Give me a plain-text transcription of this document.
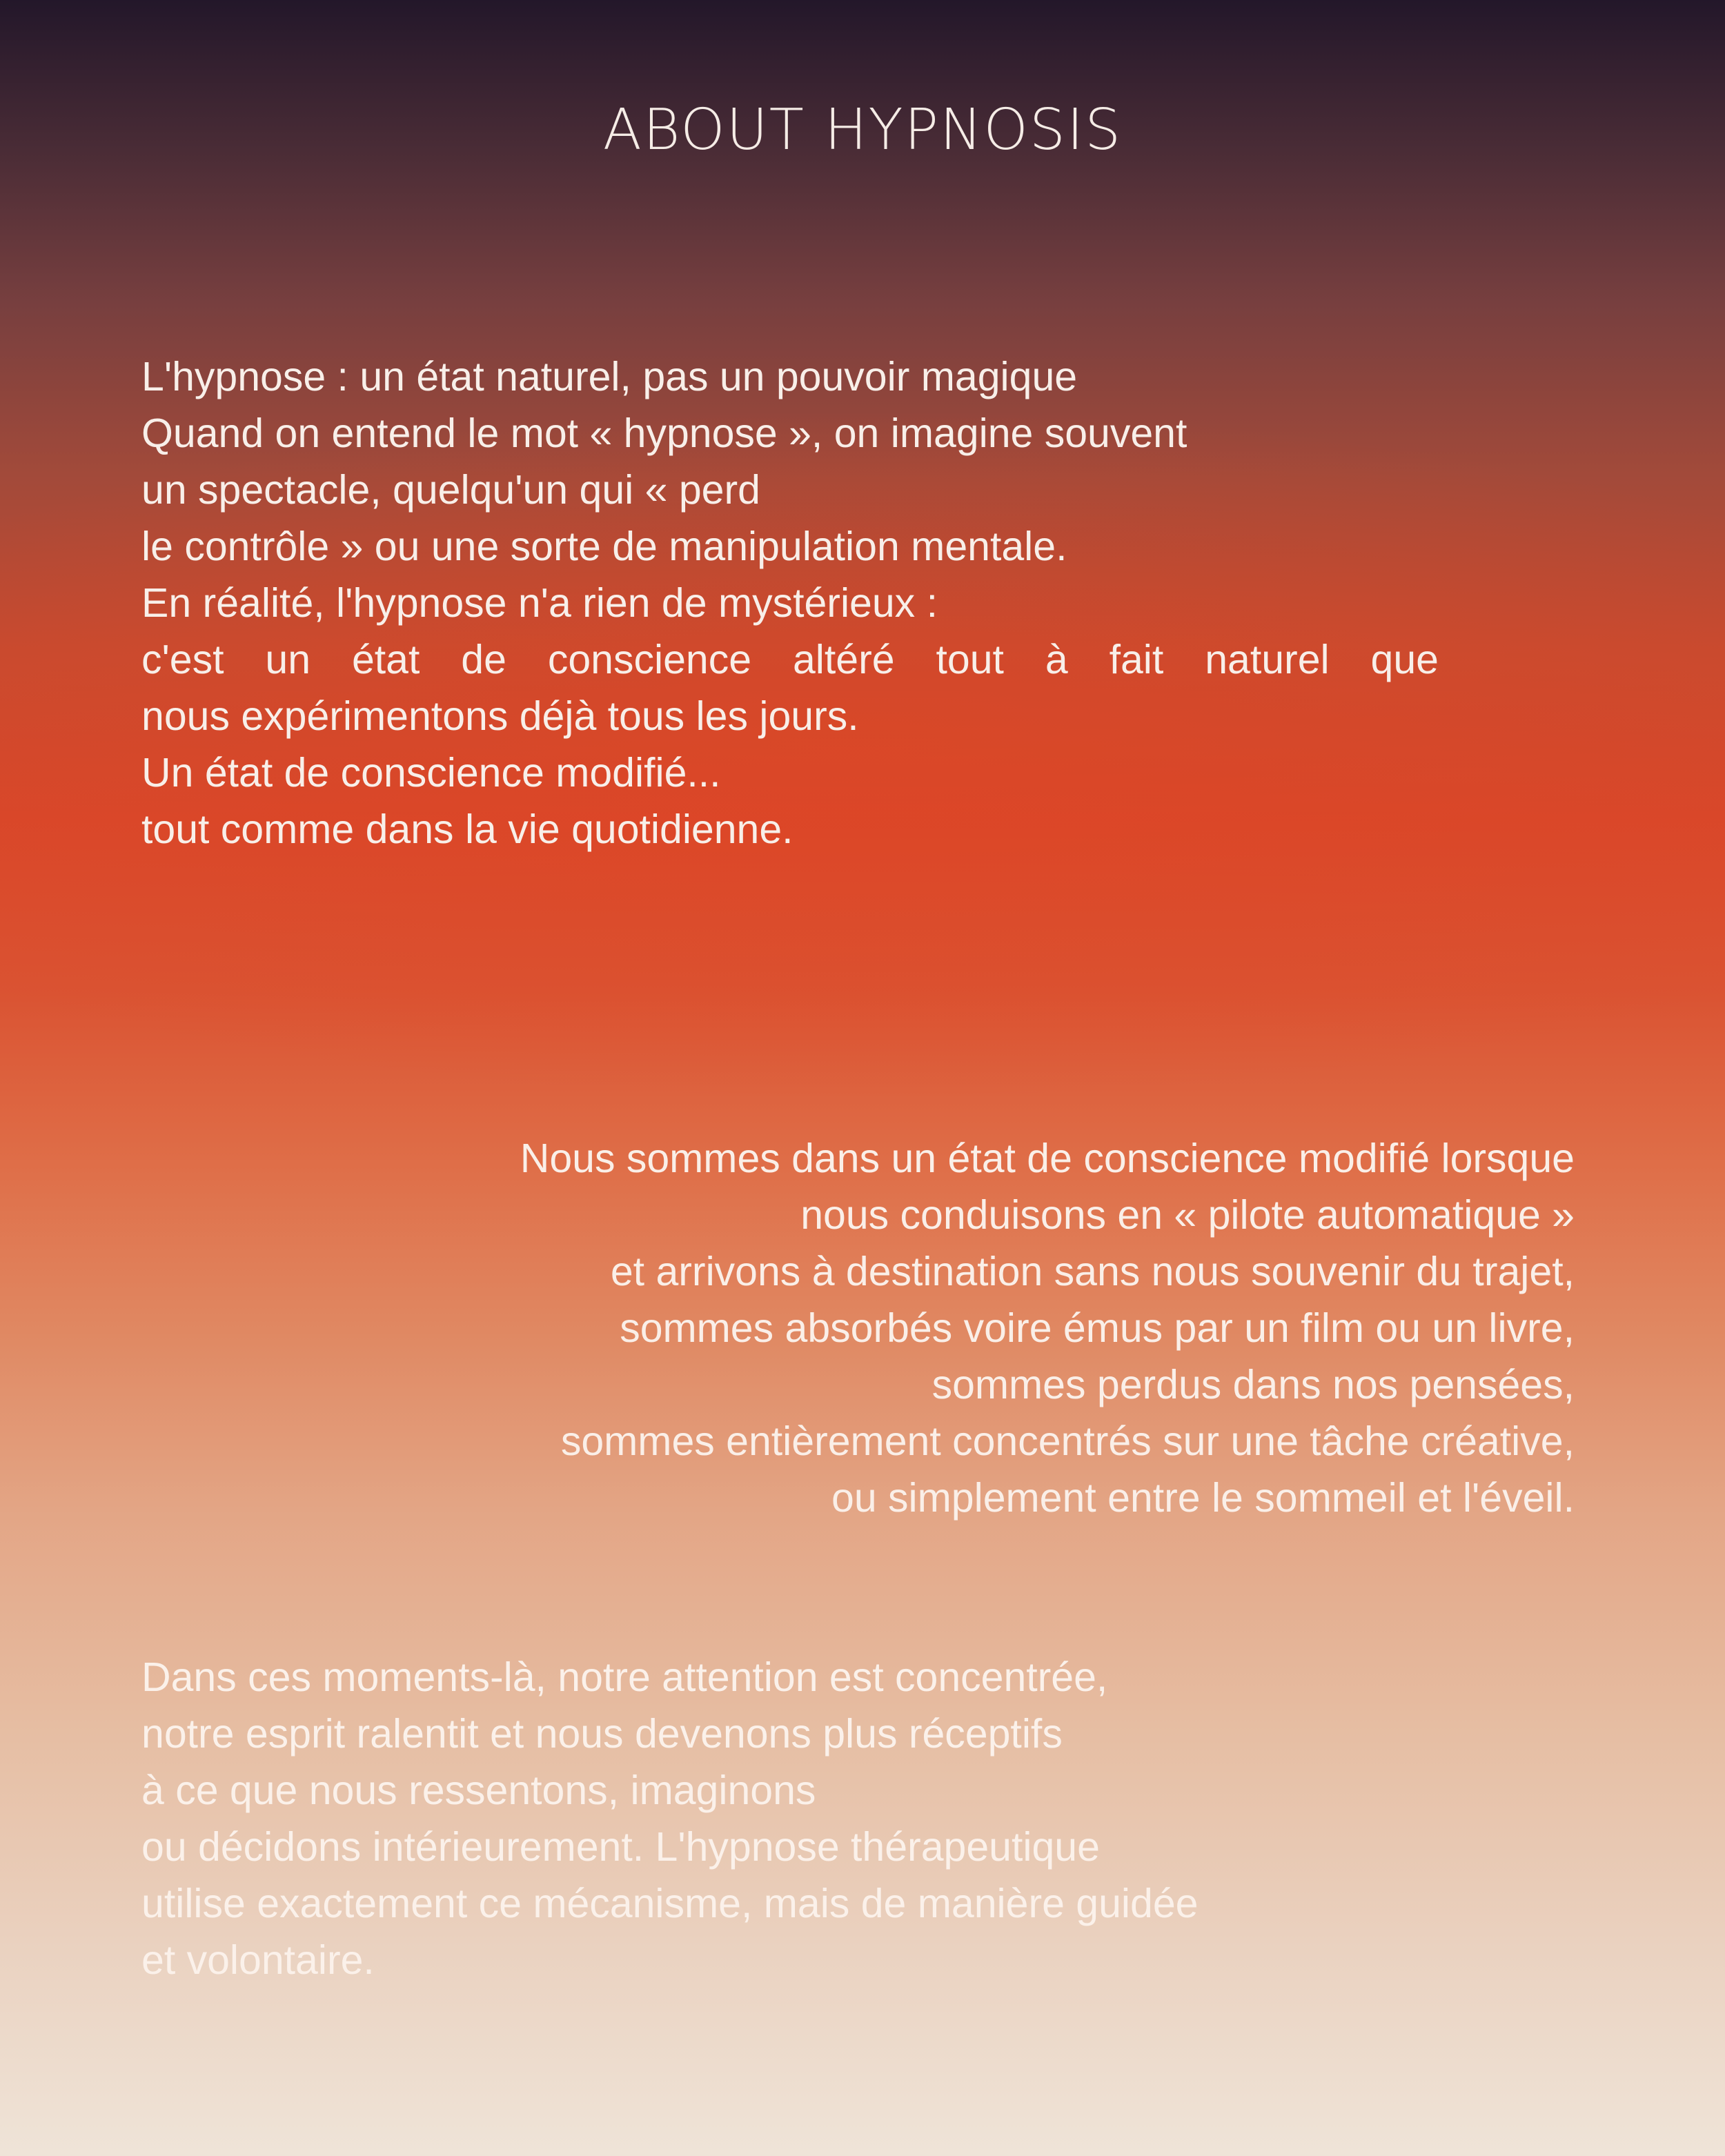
ABOUT HYPNOSIS

L'hypnose : un état naturel, pas un pouvoir magique
Quand on entend le mot « hypnose », on imagine souvent
un spectacle, quelqu'un qui « perd
le contrôle » ou une sorte de manipulation mentale.
En réalité, l'hypnose n'a rien de mystérieux :
c'est un état de conscience altéré tout à fait naturel que
nous expérimentons déjà tous les jours.
Un état de conscience modifié...
tout comme dans la vie quotidienne.

Nous sommes dans un état de conscience modifié lorsque
nous conduisons en « pilote automatique »
et arrivons à destination sans nous souvenir du trajet,
sommes absorbés voire émus par un film ou un livre,
sommes perdus dans nos pensées,
sommes entièrement concentrés sur une tâche créative,
ou simplement entre le sommeil et l'éveil.

Dans ces moments-là, notre attention est concentrée,
notre esprit ralentit et nous devenons plus réceptifs
à ce que nous ressentons, imaginons
ou décidons intérieurement. L'hypnose thérapeutique
utilise exactement ce mécanisme, mais de manière guidée
et volontaire.
